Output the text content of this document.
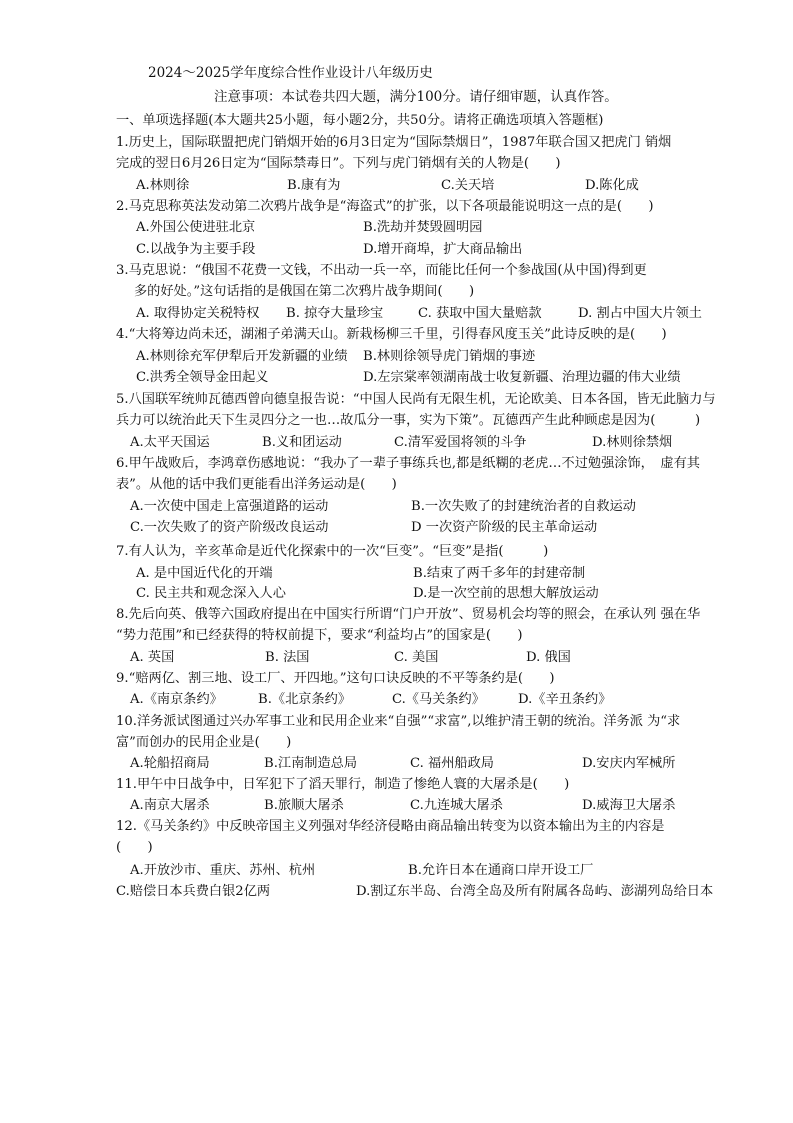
2024～2025学年度综合性作业设计八年级历史
注意事项：本试卷共四大题，满分100分。请仔细审题，认真作答。
一、单项选择题(本大题共25小题，每小题2分，共50分。请将正确选项填入答题框)
1.历史上，国际联盟把虎门销烟开始的6月3日定为“国际禁烟日”，1987年联合国又把虎门 销烟
完成的翌日6月26日定为“国际禁毒日”。下列与虎门销烟有关的人物是(　　)
A.林则徐	B.康有为	C.关天培	D.陈化成
2.马克思称英法发动第二次鸦片战争是“海盗式”的扩张，以下各项最能说明这一点的是(　　)
A.外国公使进驻北京	B.洗劫并焚毁圆明园
C.以战争为主要手段	D.增开商埠，扩大商品输出
3.马克思说：“俄国不花费一文钱，不出动一兵一卒，而能比任何一个参战国(从中国)得到更
多的好处。”这句话指的是俄国在第二次鸦片战争期间(　　)
A. 取得协定关税特权 B. 掠夺大量珍宝	C. 获取中国大量赔款	D. 割占中国大片领土
4.“大将筹边尚未还，湖湘子弟满天山。新栽杨柳三千里，引得春风度玉关”此诗反映的是(　　)
A.林则徐充军伊犁后开发新疆的业绩 B.林则徐领导虎门销烟的事迹
C.洪秀全领导金田起义	D.左宗棠率领湖南战士收复新疆、治理边疆的伟大业绩
5.八国联军统帅瓦德西曾向德皇报告说：“中国人民尚有无限生机，无论欧美、日本各国，皆无此脑力与
兵力可以统治此天下生灵四分之一也…故瓜分一事，实为下策”。瓦德西产生此种顾虑是因为(　　　)
A.太平天国运	B.义和团运动	C.清军爱国将领的斗争	D.林则徐禁烟
6.甲午战败后，李鸿章伤感地说：“我办了一辈子事练兵也,都是纸糊的老虎…不过勉强涂饰，　虚有其
表”。从他的话中我们更能看出洋务运动是(　　)
A.一次使中国走上富强道路的运动	B.一次失败了的封建统治者的自救运动
C.一次失败了的资产阶级改良运动	D 一次资产阶级的民主革命运动
7.有人认为，辛亥革命是近代化探索中的一次“巨变”。“巨变”是指(　　　)
A. 是中国近代化的开端	B.结束了两千多年的封建帝制
C. 民主共和观念深入人心	D.是一次空前的思想大解放运动
8.先后向英、俄等六国政府提出在中国实行所谓“门户开放”、贸易机会均等的照会，在承认列 强在华
“势力范围”和已经获得的特权前提下，要求“利益均占”的国家是(　　)
A. 英国	B. 法国	C. 美国	D. 俄国
9.“赔两亿、割三地、设工厂、开四地。”这句口诀反映的不平等条约是(　　)
A.《南京条约》	B.《北京条约》	C.《马关条约》	D.《辛丑条约》
10.洋务派试图通过兴办军事工业和民用企业来“自强”“求富”,以维护清王朝的统治。洋务派 为“求
富”而创办的民用企业是(　　)
A.轮船招商局	B.江南制造总局	C. 福州船政局	D.安庆内军械所
11.甲午中日战争中，日军犯下了滔天罪行，制造了惨绝人寰的大屠杀是(　　)
A.南京大屠杀	B.旅顺大屠杀	C.九连城大屠杀	D.威海卫大屠杀
12.《马关条约》中反映帝国主义列强对华经济侵略由商品输出转变为以资本输出为主的内容是
(　　)
A.开放沙市、重庆、苏州、杭州	B.允许日本在通商口岸开设工厂
C.赔偿日本兵费白银2亿两	D.割辽东半岛、台湾全岛及所有附属各岛屿、澎湖列岛给日本
